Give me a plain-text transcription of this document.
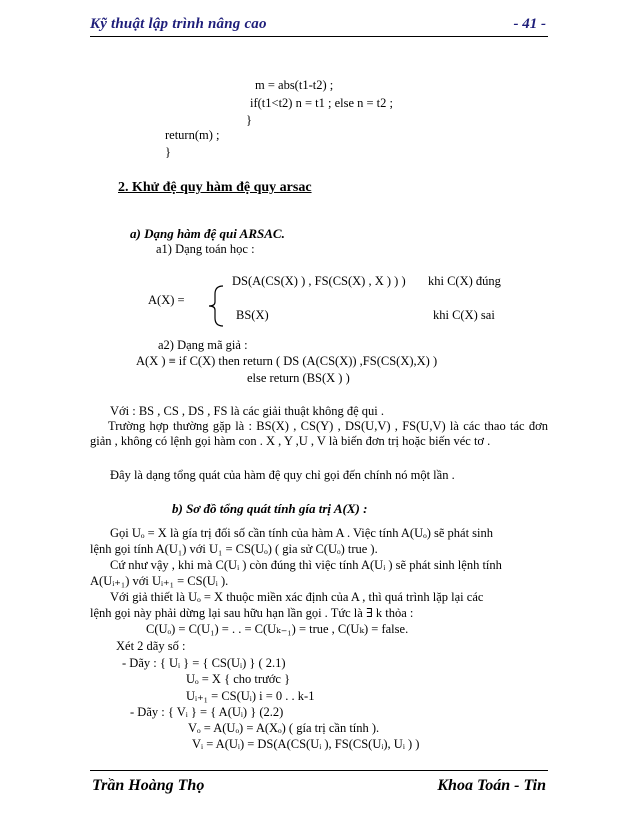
Kỹ thuật lập trình nâng cao	- 41 -
m = abs(t1-t2) ;
if(t1<t2) n = t1 ; else n = t2 ;
}
return(m) ;
}
2. Khử đệ quy hàm đệ quy arsac
a) Dạng hàm đệ qui ARSAC.
a1) Dạng toán học :
A(X) =
DS(A(CS(X) ) , FS(CS(X) , X ) ) ) khi C(X) đúng
BS(X)	khi C(X) sai
a2) Dạng mã giả :
A(X ) ≡ if C(X) then return ( DS (A(CS(X)) ,FS(CS(X),X) )
else return (BS(X ) )
Với : BS , CS , DS , FS là các giải thuật không đệ qui .
Trường hợp thường gặp là : BS(X) , CS(Y) , DS(U,V) , FS(U,V) là các thao tác đơn giản , không có lệnh gọi hàm con . X , Y ,U , V là biến đơn trị hoặc biến véc tơ .
Đây là dạng tổng quát của hàm đệ quy chỉ gọi đến chính nó một lần .
b) Sơ đồ tổng quát tính gía trị A(X) :
Gọi Uₒ = X là gía trị đối số cần tính của hàm A . Việc tính A(Uₒ) sẽ phát sinh
lệnh gọi tính A(U₁) với U₁ = CS(Uₒ) ( gỉa sử C(Uₒ) true ).
Cứ như vậy , khi mà C(Uᵢ ) còn đúng thì việc tính A(Uᵢ ) sẽ phát sinh lệnh tính
A(Uᵢ₊₁) với Uᵢ₊₁ = CS(Uᵢ ).
Với giả thiết là Uₒ = X thuộc miền xác định của A , thì quá trình lặp lại các
lệnh gọi này phải dừng lại sau hữu hạn lần gọi . Tức là ∃ k thỏa :
C(Uₒ) = C(U₁) = . . = C(Uₖ₋₁) = true , C(Uₖ) = false.
Xét 2 dãy số :
- Dãy : { Uᵢ } = { CS(Uᵢ) } ( 2.1)
Uₒ = X { cho trước }
Uᵢ₊₁ = CS(Uᵢ) i = 0 . . k-1
- Dãy : { Vᵢ } = { A(Uᵢ) } (2.2)
Vₒ = A(Uₒ) = A(Xₒ) ( gía trị cần tính ).
Vᵢ = A(Uᵢ) = DS(A(CS(Uᵢ ), FS(CS(Uᵢ), Uᵢ ) )
Trần Hoàng Thọ	Khoa Toán - Tin
